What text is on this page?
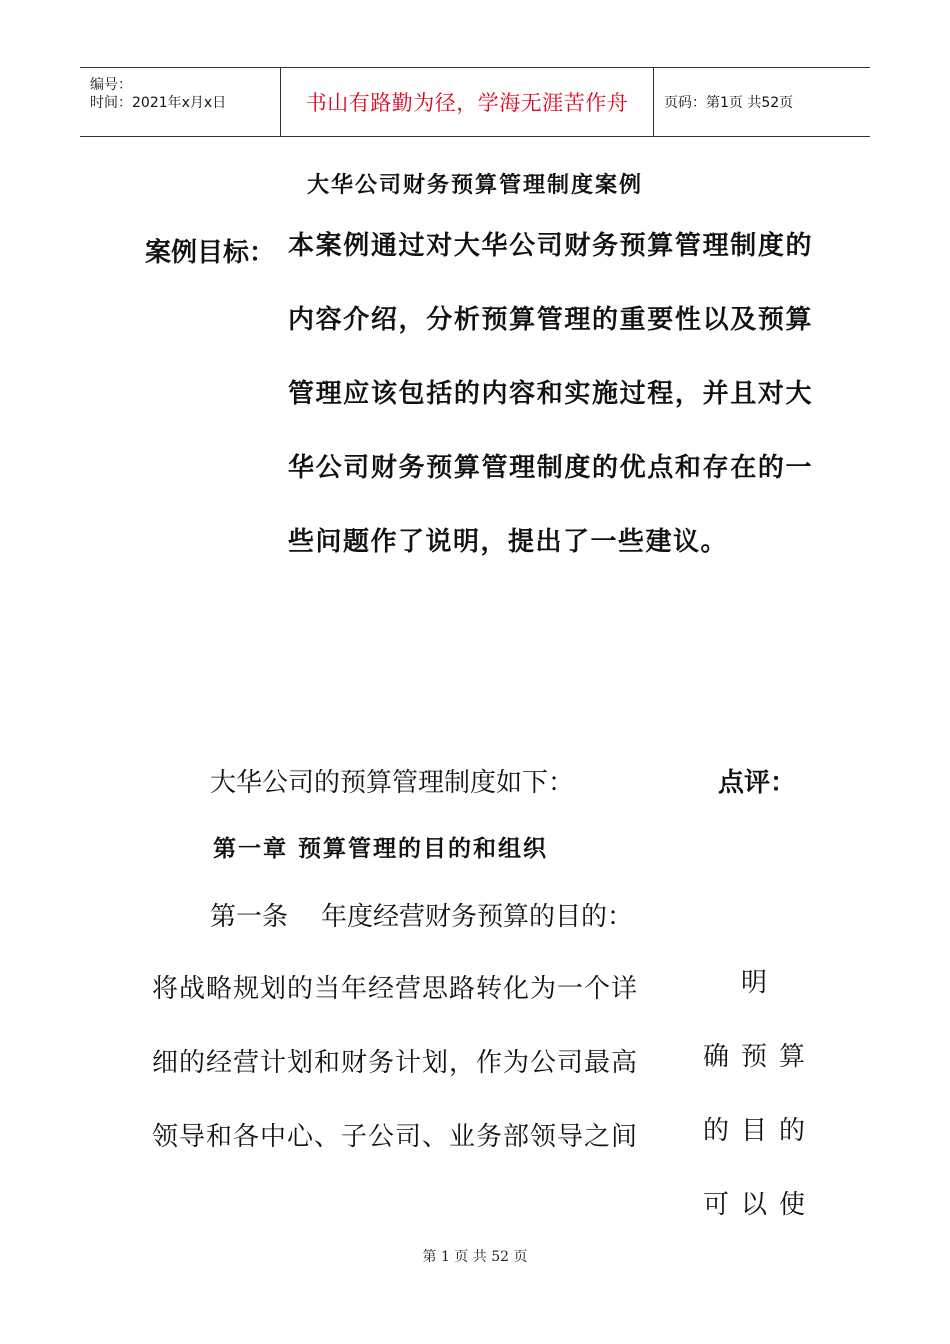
编号：
时间：2021年x月x日	书山有路勤为径，学海无涯苦作舟	页码：第1页 共52页
大华公司财务预算管理制度案例
案例目标： 本案例通过对大华公司财务预算管理制度的内容介绍，分析预算管理的重要性以及预算管理应该包括的内容和实施过程，并且对大华公司财务预算管理制度的优点和存在的一些问题作了说明，提出了一些建议。
大华公司的预算管理制度如下：	点评：
第一章 预算管理的目的和组织
第一条    年度经营财务预算的目的：
将战略规划的当年经营思路转化为一个详
细的经营计划和财务计划，作为公司最高
领导和各中心、子公司、业务部领导之间
明
确预算
的目的
可以使
第 1 页 共 52 页
